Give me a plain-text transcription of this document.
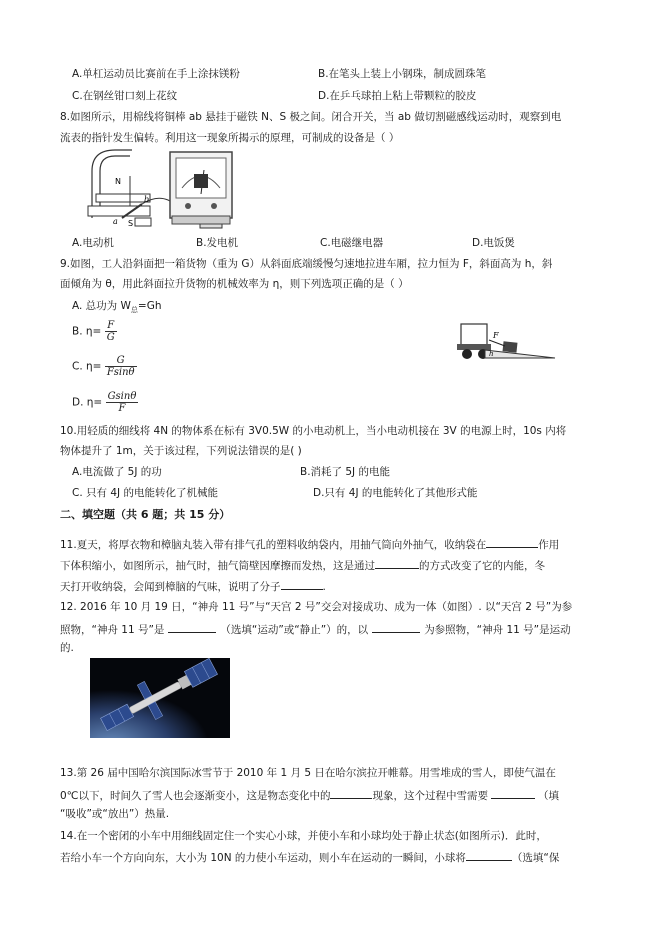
A.单杠运动员比赛前在手上涂抹镁粉	B.在笔头上装上小钢珠，制成圆珠笔
C.在钢丝钳口刻上花纹	D.在乒乓球拍上粘上带颗粒的胶皮
8.如图所示，用棉线将铜棒 ab 悬挂于磁铁 N、S 极之间。闭合开关，当 ab 做切割磁感线运动时，观察到电
流表的指针发生偏转。利用这一现象所揭示的原理，可制成的设备是（ ）
N
S
a
b
A.电动机	B.发电机	C.电磁继电器	D.电饭煲
9.如图，工人沿斜面把一箱货物（重为 G）从斜面底端缓慢匀速地拉进车厢，拉力恒为 F，斜面高为 h，斜
面倾角为 θ，用此斜面拉升货物的机械效率为 η，则下列选项正确的是（ ）
A. 总功为 $W_总=Gh$
B. $\eta= \frac{F}{G}$
C. $\eta= \frac{G}{Fsin\theta}$
D. $\eta= \frac{Gsin\theta}{F}$
F
h
10.用轻质的细线将 4N 的物体系在标有 3V0.5W 的小电动机上，当小电动机接在 3V 的电源上时，10s 内将
物体提升了 1m，关于该过程，下列说法错误的是( )
A.电流做了 5J 的功	B.消耗了 5J 的电能
C. 只有 4J 的电能转化了机械能	D.只有 4J 的电能转化了其他形式能
二、填空题（共 6 题；共 15 分）
11.夏天，将厚衣物和樟脑丸装入带有排气孔的塑料收纳袋内，用抽气筒向外抽气，收纳袋在	作用
下体积缩小，如图所示，抽气时，抽气筒壁因摩擦而发热，这是通过	的方式改变了它的内能，冬
天打开收纳袋，会闻到樟脑的气味，说明了分子	.
12. 2016 年 10 月 19 日，“神舟 11 号”与“天宫 2 号”交会对接成功、成为一体（如图）. 以“天宫 2 号”为参
照物，“神舟 11 号”是	（选填“运动”或“静止”）的，以	为参照物，“神舟 11 号”是运动
的.
13.第 26 届中国哈尔滨国际冰雪节于 2010 年 1 月 5 日在哈尔滨拉开帷幕。用雪堆成的雪人，即使气温在
0℃以下，时间久了雪人也会逐渐变小，这是物态变化中的	现象，这个过程中雪需要	（填
“吸收”或“放出”）热量.
14.在一个密闭的小车中用细线固定住一个实心小球，并使小车和小球均处于静止状态(如图所示)．此时，
若给小车一个方向向东，大小为 10N 的力使小车运动，则小车在运动的一瞬间，小球将	（选填“保
